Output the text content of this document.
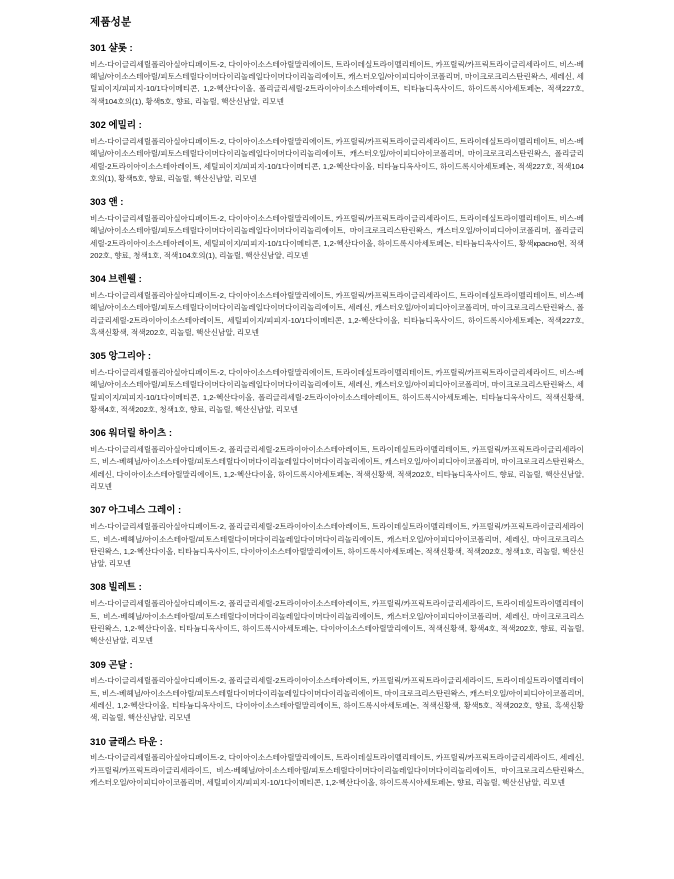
제품성분
301 샬롯 :

비스-다이글리세릴폴리아실아디페이트-2, 다이아이소스테아릴말리에이트, 트라이데실트라이멜리테이트, 카프릴릭/카프릭트라이글리세라이드, 비스-베헤닐/아이소스테아릴/피토스테릴다이머다이리놀레일다이머다이리놀리에이트, 캐스터오일/아이피디아이코폴리머, 마이크로크리스탄린왁스, 세레신, 세틸피이지/피피지-10/1다이메티콘, 1,2-헥산다이올, 폴리글리세릴-2트라이아이소스테아레이트, 티타늄디옥사이드, 하이드록시아세토페논, 적색227호, 적색104호의(1), 황색5호, 향료, 리놀릴, 핵산신남알, 리모넨

302 에밀리 :

비스-다이글리세릴폴리아실아디페이트-2, 다이아이소스테아릴말리에이트, 카프릴릭/카프릭트라이글리세라이드, 트라이데실트라이멜리테이트, 비스-베헤닐/아이소스테아릴/피토스테릴다이머다이리놀레일다이머다이리놀리에이트, 캐스터오일/아이피디아이코폴리머, 마이크로크리스탄린왁스, 폴리글리세릴-2트라이아이소스테아레이트, 세틸피이지/피피지-10/1다이메티콘, 1,2-헥산다이올, 티타늄디옥사이드, 하이드록시아세토페논, 적색227호, 적색104호의(1), 황색5호, 향료, 리놀릴, 핵산신남알, 리모넨

303 앤 :

비스-다이글리세릴폴리아실아디페이트-2, 다이아이소스테아릴말리에이트, 카프릴릭/카프릭트라이글리세라이드, 트라이데실트라이멜리테이트, 비스-베헤닐/아이소스테아릴/피토스테릴다이머다이리놀레일다이머다이리놀리에이트, 마이크로크리스탄린왁스, 캐스터오일/아이피디아이코폴리머, 폴리글리세릴-2트라이아이소스테아레이트, 세틸피이지/피피지-10/1다이메티콘, 1,2-헥산다이올, 하이드록시아세토페논, 티타늄디옥사이드, 황색красно현, 적색202호, 향료, 청색1호, 적색104호의(1), 리놀릴, 핵산신남알, 리모넨

304 브렌웰 :

비스-다이글리세릴폴리아실아디페이트-2, 다이아이소스테아릴말리에이트, 카프릴릭/카프릭트라이글리세라이드, 트라이데실트라이멜리테이트, 비스-베헤닐/아이소스테아릴/피토스테릴다이머다이리놀레일다이머다이리놀리에이트, 세레신, 캐스터오일/아이피디아이코폴리머, 마이크로크리스탄린왁스, 폴리글리세릴-2트라이아이소스테아레이트, 세틸피이지/피피지-10/1다이메티콘, 1,2-헥산다이올, 티타늄디옥사이드, 하이드록시아세토페논, 적색227호, 흑색신황색, 적색202호, 리놀릴, 핵산신남알, 리모넨

305 앙그리아 :

비스-다이글리세릴폴리아실아디페이트-2, 다이아이소스테아릴말리에이트, 트라이데실트라이멜리테이트, 카프릴릭/카프릭트라이글리세라이드, 비스-베헤닐/아이소스테아릴/피토스테릴다이머다이리놀레일다이머다이리놀리에이트, 세레신, 캐스터오일/아이피디아이코폴리머, 마이크로크리스탄린왁스, 세틸피이지/피피지-10/1다이메티콘, 1,2-헥산다이올, 폴리글리세릴-2트라이아이소스테아레이트, 하이드록시아세토페논, 티타늄디옥사이드, 적색신황색, 황색4호, 적색202호, 청색1호, 향료, 리놀릴, 핵산신남알, 리모넨

306 워더릴 하이츠 :

비스-다이글리세릴폴리아실아디페이트-2, 폴리글리세릴-2트라이아이소스테아레이트, 트라이데실트라이멜리테이트, 카프릴릭/카프릭트라이글리세라이드, 비스-베헤닐/아이소스테아릴/피토스테릴다이머다이리놀레일다이머다이리놀리에이트, 캐스터오일/아이피디아이코폴리머, 마이크로크리스탄린왁스, 세레신, 다이아이소스테아릴말리에이트, 1,2-헥산다이올, 하이드록시아세토페논, 적색신황색, 적색202호, 티타늄디옥사이드, 향료, 리놀릴, 핵산신남알, 리모넨

307 아그네스 그레이 :

비스-다이글리세릴폴리아실아디페이트-2, 폴리글리세릴-2트라이아이소스테아레이트, 트라이데실트라이멜리테이트, 카프릴릭/카프릭트라이글리세라이드, 비스-베헤닐/아이소스테아릴/피토스테릴다이머다이리놀레일다이머다이리놀리에이트, 캐스터오일/아이피디아이코폴리머, 세레신, 마이크로크리스탄린왁스, 1,2-헥산다이올, 티타늄디옥사이드, 다이아이소스테아릴말리에이트, 하이드록시아세토페논, 적색신황색, 적색202호, 청색1호, 리놀릴, 핵산신남알, 리모넨

308 빌레트 :

비스-다이글리세릴폴리아실아디페이트-2, 폴리글리세릴-2트라이아이소스테아레이트, 카프릴릭/카프릭트라이글리세라이드, 트라이데실트라이멜리테이트, 비스-베헤닐/아이소스테아릴/피토스테릴다이머다이리놀레일다이머다이리놀리에이트, 캐스터오일/아이피디아이코폴리머, 세레신, 마이크로크리스탄린왁스, 1,2-헥산다이올, 티타늄디옥사이드, 하이드록시아세토페논, 다이아이소스테아릴말리에이트, 적색신황색, 황색4호, 적색202호, 향료, 리놀릴, 핵산신남알, 리모넨

309 곤달 :

비스-다이글리세릴폴리아실아디페이트-2, 폴리글리세릴-2트라이아이소스테아레이트, 카프릴릭/카프릭트라이글리세라이드, 트라이데실트라이멜리테이트, 비스-베헤닐/아이소스테아릴/피토스테릴다이머다이리놀레일다이머다이리놀리에이트, 마이크로크리스탄린왁스, 캐스터오일/아이피디아이코폴리머, 세레신, 1,2-헥산다이올, 티타늄디옥사이드, 다이아이소스테아릴말리에이트, 하이드록시아세토페논, 적색신황색, 황색5호, 적색202호, 향료, 흑색신황색, 리놀릴, 핵산신남알, 리모넨

310 글래스 타운 :

비스-다이글리세릴폴리아실아디페이트-2, 다이아이소스테아릴말리에이트, 트라이데실트라이멜리테이트, 카프릴릭/카프릭트라이글리세라이드, 세레신, 카프릴릭/카프릭트라이글리세라이드, 비스-베헤닐/아이소스테아릴/피토스테릴다이머다이리놀레일다이머다이리놀리에이트, 마이크로크리스탄린왁스, 캐스터오일/아이피디아이코폴리머, 세틸피이지/피피지-10/1다이메티콘, 1,2-헥산다이올, 하이드록시아세토페논, 향료, 리놀릴, 핵산신남알, 리모넨
